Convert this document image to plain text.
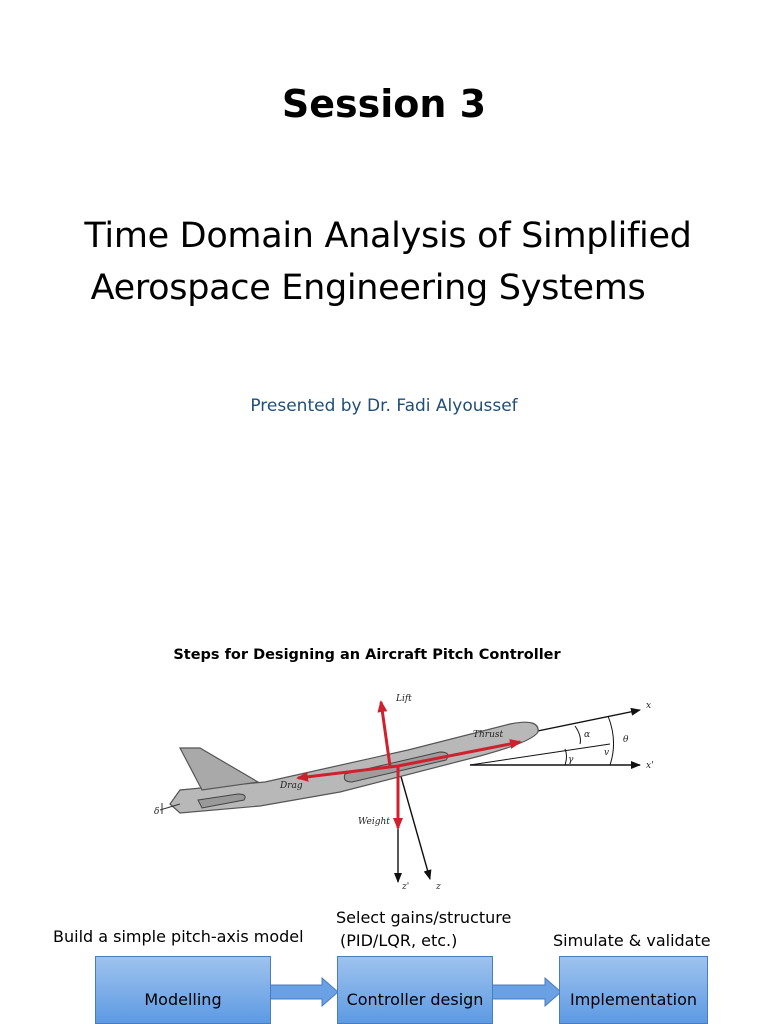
Session 3
Time Domain Analysis of Simplified
Aerospace Engineering Systems
Presented by Dr. Fadi Alyoussef
Steps for Designing an Aircraft Pitch Controller
Lift
Thrust
Drag
Weight
x
x'
z'	z
α	θ
γ
v
δ
Build a simple pitch-axis model
Select gains/structure
(PID/LQR, etc.)	Simulate & validate
Modelling	Controller design	Implementation
